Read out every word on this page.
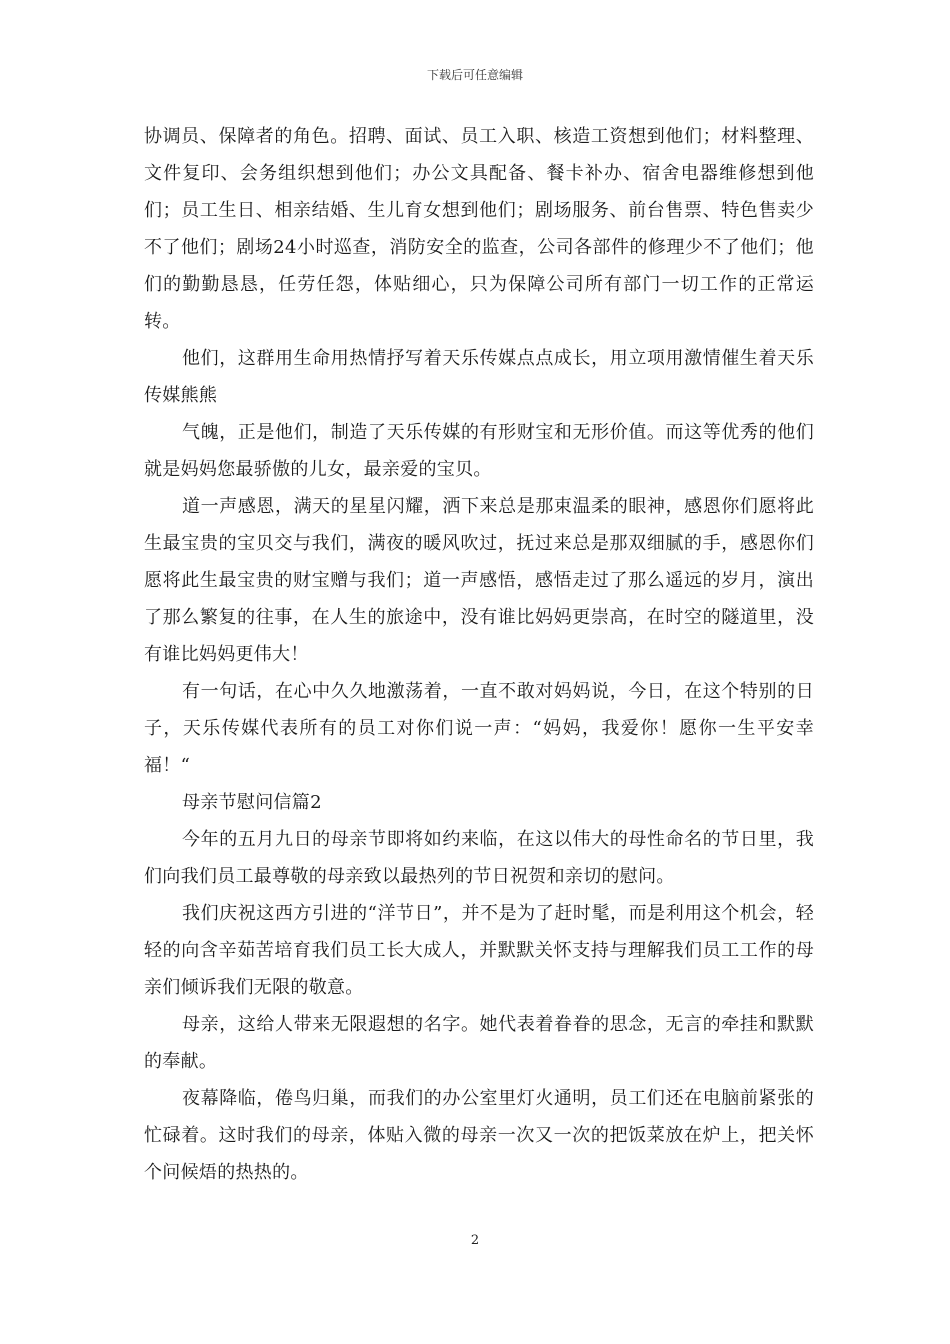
下载后可任意编辑

协调员、保障者的角色。招聘、面试、员工入职、核造工资想到他们；材料整理、文件复印、会务组织想到他们；办公文具配备、餐卡补办、宿舍电器维修想到他们；员工生日、相亲结婚、生儿育女想到他们；剧场服务、前台售票、特色售卖少不了他们；剧场24小时巡查，消防安全的监查，公司各部件的修理少不了他们；他们的勤勤恳恳，任劳任怨，体贴细心，只为保障公司所有部门一切工作的正常运转。

他们，这群用生命用热情抒写着天乐传媒点点成长，用立项用激情催生着天乐传媒熊熊

气魄，正是他们，制造了天乐传媒的有形财宝和无形价值。而这等优秀的他们就是妈妈您最骄傲的儿女，最亲爱的宝贝。

道一声感恩，满天的星星闪耀，洒下来总是那束温柔的眼神，感恩你们愿将此生最宝贵的宝贝交与我们，满夜的暖风吹过，抚过来总是那双细腻的手，感恩你们愿将此生最宝贵的财宝赠与我们；道一声感悟，感悟走过了那么遥远的岁月，演出了那么繁复的往事，在人生的旅途中，没有谁比妈妈更崇高，在时空的隧道里，没有谁比妈妈更伟大！

有一句话，在心中久久地激荡着，一直不敢对妈妈说，今日，在这个特别的日子，天乐传媒代表所有的员工对你们说一声：“妈妈，我爱你！愿你一生平安幸福！“

母亲节慰问信篇2

今年的五月九日的母亲节即将如约来临，在这以伟大的母性命名的节日里，我们向我们员工最尊敬的母亲致以最热列的节日祝贺和亲切的慰问。

我们庆祝这西方引进的“洋节日”，并不是为了赶时髦，而是利用这个机会，轻轻的向含辛茹苦培育我们员工长大成人，并默默关怀支持与理解我们员工工作的母亲们倾诉我们无限的敬意。

母亲，这给人带来无限遐想的名字。她代表着眷眷的思念，无言的牵挂和默默的奉献。

夜幕降临，倦鸟归巢，而我们的办公室里灯火通明，员工们还在电脑前紧张的忙碌着。这时我们的母亲，体贴入微的母亲一次又一次的把饭菜放在炉上，把关怀个问候焐的热热的。

2
